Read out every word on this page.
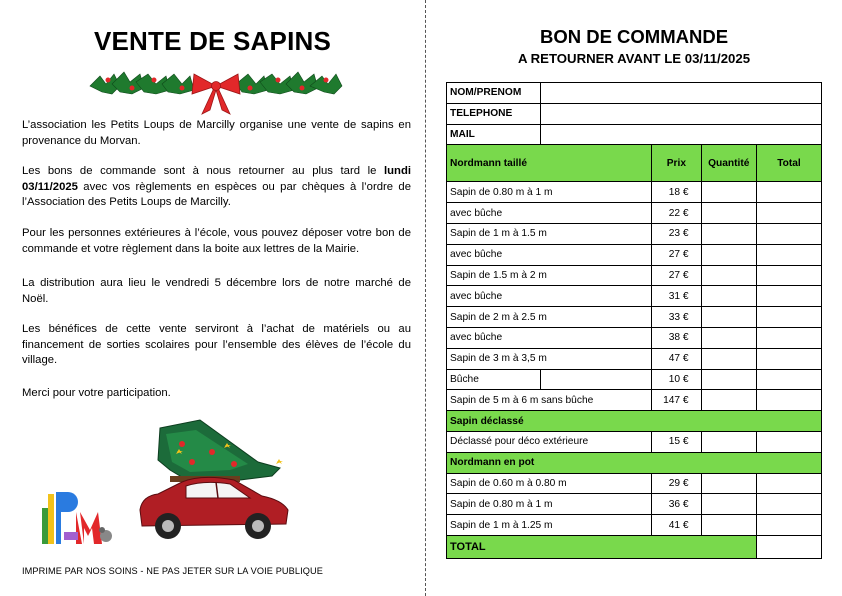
VENTE DE SAPINS
L’association les Petits Loups de Marcilly organise une vente de sapins en provenance du Morvan.
Les bons de commande sont à nous retourner au plus tard le lundi 03/11/2025 avec vos règlements en espèces ou par chèques à l’ordre de l’Association des Petits Loups de Marcilly.
Pour les personnes extérieures à l’école, vous pouvez déposer votre bon de commande et votre règlement dans la boite aux lettres de la Mairie.
La distribution aura lieu le vendredi 5 décembre lors de notre marché de Noël.
Les bénéfices de cette vente serviront à l’achat de matériels ou au financement de sorties scolaires pour l’ensemble des élèves de l’école du village.
Merci pour votre participation.
IMPRIME PAR NOS SOINS - NE PAS JETER SUR LA VOIE PUBLIQUE
BON DE COMMANDE
A RETOURNER AVANT LE 03/11/2025
NOM/PRENOM				
TELEPHONE				
MAIL				
Nordmann taillé		Prix	Quantité	Total
Sapin de 0.80 m à 1 m		18 €		
avec bûche		22 €		
Sapin de 1 m à 1.5 m		23 €		
avec bûche		27 €		
Sapin de 1.5 m à 2 m		27 €		
avec bûche		31 €		
Sapin de 2 m à 2.5 m		33 €		
avec bûche		38 €		
Sapin de 3 m à 3,5 m		47 €		
Bûche		10 €		
Sapin de 5 m à 6 m sans bûche		147 €		
Sapin déclassé				
Déclassé pour déco extérieure		15 €		
Nordmann en pot				
Sapin de 0.60 m à 0.80 m		29 €		
Sapin de 0.80 m à 1 m		36 €		
Sapin de 1 m à 1.25 m		41 €		
TOTAL				
